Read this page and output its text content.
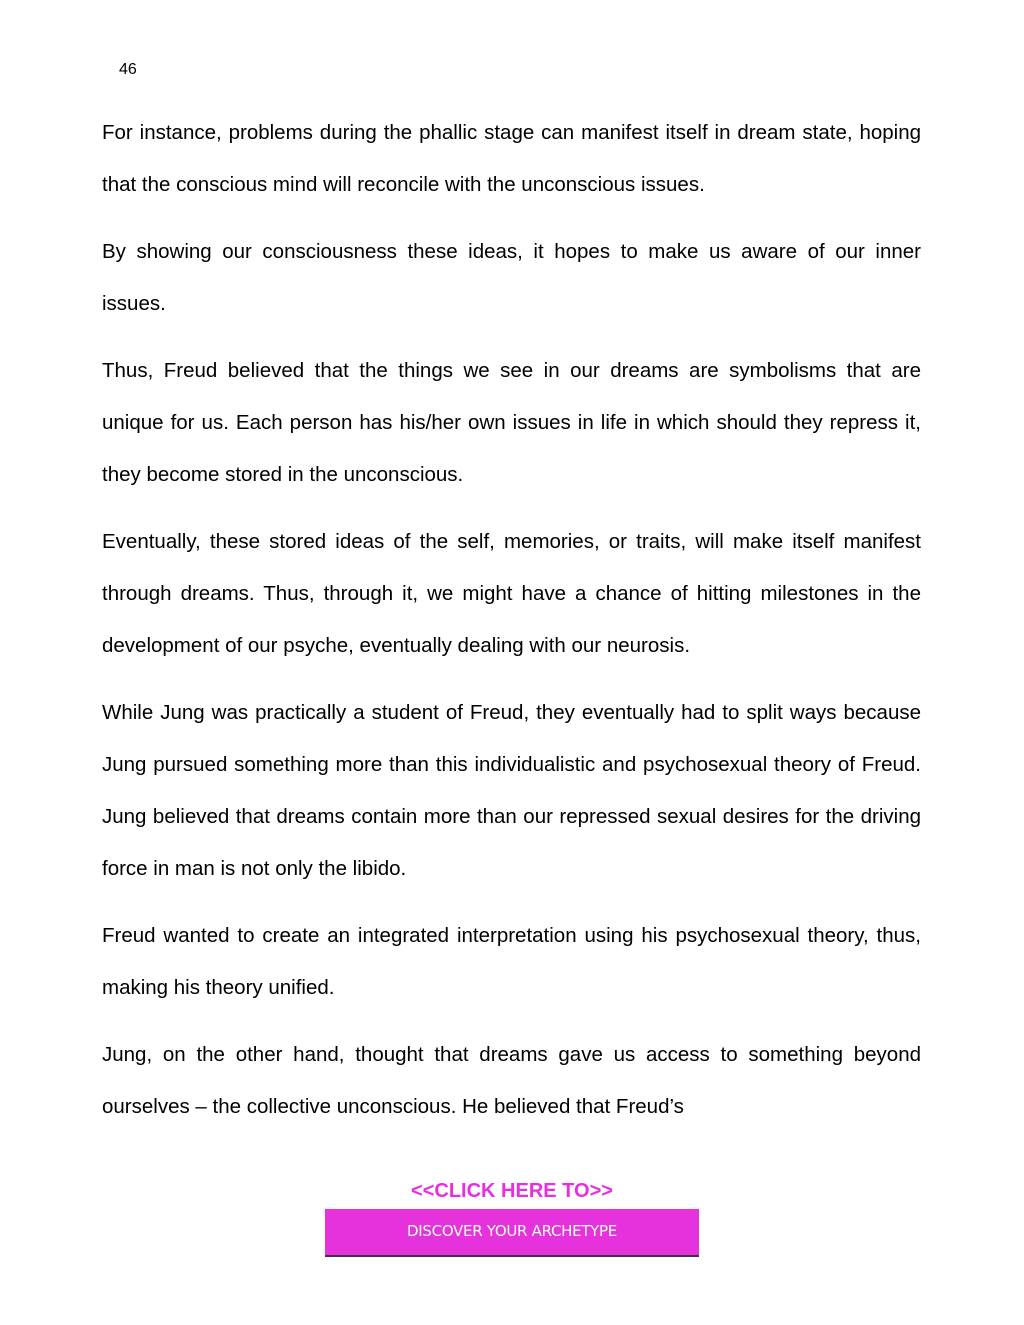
46

For instance, problems during the phallic stage can manifest itself in dream state, hoping that the conscious mind will reconcile with the unconscious issues.

By showing our consciousness these ideas, it hopes to make us aware of our inner issues.

Thus, Freud believed that the things we see in our dreams are symbolisms that are unique for us. Each person has his/her own issues in life in which should they repress it, they become stored in the unconscious.

Eventually, these stored ideas of the self, memories, or traits, will make itself manifest through dreams. Thus, through it, we might have a chance of hitting milestones in the development of our psyche, eventually dealing with our neurosis.

While Jung was practically a student of Freud, they eventually had to split ways because Jung pursued something more than this individualistic and psychosexual theory of Freud. Jung believed that dreams contain more than our repressed sexual desires for the driving force in man is not only the libido.

Freud wanted to create an integrated interpretation using his psychosexual theory, thus, making his theory unified.

Jung, on the other hand, thought that dreams gave us access to something beyond ourselves – the collective unconscious. He believed that Freud’s

<<CLICK HERE TO>>
DISCOVER YOUR ARCHETYPE
